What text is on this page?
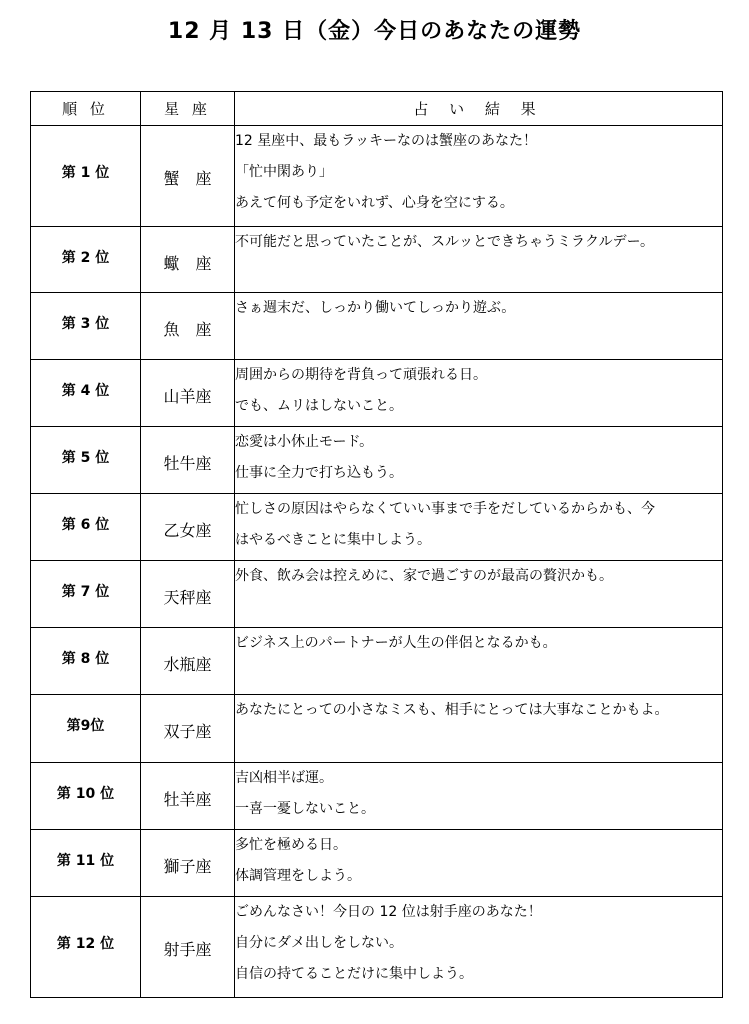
12 月 13 日（金）今日のあなたの運勢
順 位	星 座	占 い 結 果

第 1 位	蟹　座	12 星座中、最もラッキーなのは蟹座のあなた！
「忙中閑あり」
あえて何も予定をいれず、心身を空にする。

第 2 位	蠍　座	不可能だと思っていたことが、スルッとできちゃうミラクルデー。

第 3 位	魚　座	さぁ週末だ、しっかり働いてしっかり遊ぶ。

第 4 位	山羊座	周囲からの期待を背負って頑張れる日。
でも、ムリはしないこと。

第 5 位	牡牛座	恋愛は小休止モード。
仕事に全力で打ち込もう。

第 6 位	乙女座	忙しさの原因はやらなくていい事まで手をだしているからかも、今
はやるべきことに集中しよう。

第 7 位	天秤座	外食、飲み会は控えめに、家で過ごすのが最高の贅沢かも。

第 8 位	水瓶座	ビジネス上のパートナーが人生の伴侶となるかも。

第9位	双子座	あなたにとっての小さなミスも、相手にとっては大事なことかもよ。

第 10 位	牡羊座	吉凶相半ば運。
一喜一憂しないこと。

第 11 位	獅子座	多忙を極める日。
体調管理をしよう。

第 12 位	射手座	ごめんなさい！今日の 12 位は射手座のあなた！
自分にダメ出しをしない。
自信の持てることだけに集中しよう。
